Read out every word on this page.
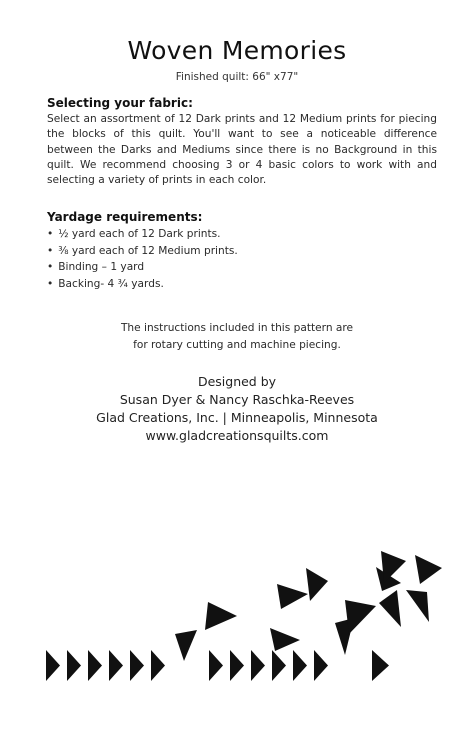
Woven Memories
Finished quilt: 66" x77"
Selecting your fabric:

Select an assortment of 12 Dark prints and 12 Medium prints for piecing the blocks of this quilt. You'll want to see a noticeable difference between the Darks and Mediums since there is no Background in this quilt. We recommend choosing 3 or 4 basic colors to work with and selecting a variety of prints in each color.

Yardage requirements:
• ½ yard each of 12 Dark prints.
• ⅜ yard each of 12 Medium prints.
• Binding – 1 yard
• Backing- 4 ¾ yards.
The instructions included in this pattern are
for rotary cutting and machine piecing.
Designed by
Susan Dyer & Nancy Raschka-Reeves
Glad Creations, Inc. | Minneapolis, Minnesota
www.gladcreationsquilts.com
